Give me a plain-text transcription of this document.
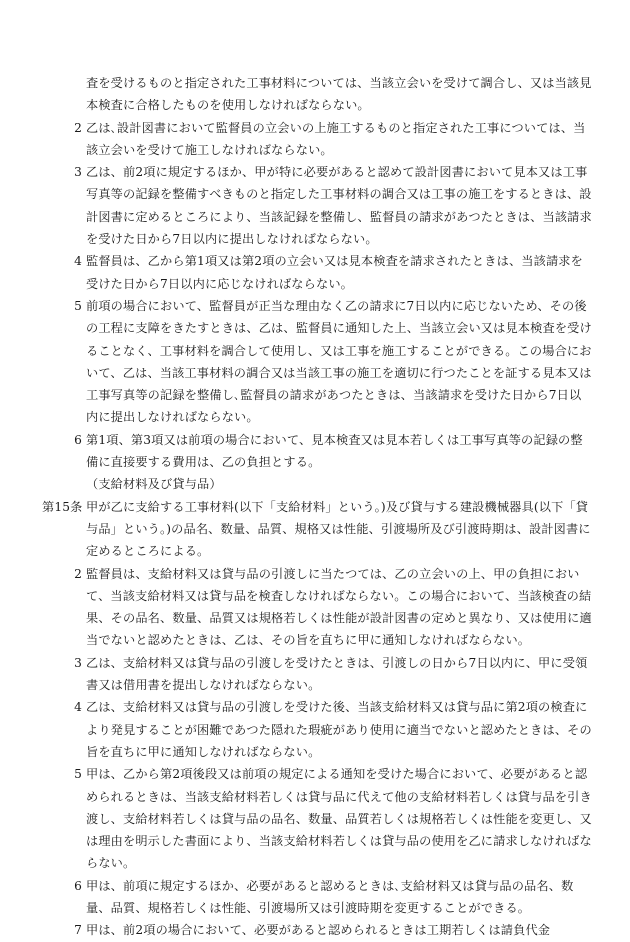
査を受けるものと指定された工事材料については、当該立会いを受けて調合し、又は当該見本検査に合格したものを使用しなければならない。

2 乙は､設計図書において監督員の立会いの上施工するものと指定された工事については、当該立会いを受けて施工しなければならない。

3 乙は、前2項に規定するほか、甲が特に必要があると認めて設計図書において見本又は工事写真等の記録を整備すべきものと指定した工事材料の調合又は工事の施工をするときは、設計図書に定めるところにより、当該記録を整備し、監督員の請求があつたときは、当該請求を受けた日から7日以内に提出しなければならない。

4 監督員は、乙から第1項又は第2項の立会い又は見本検査を請求されたときは、当該請求を受けた日から7日以内に応じなければならない。

5 前項の場合において、監督員が正当な理由なく乙の請求に7日以内に応じないため、その後の工程に支障をきたすときは、乙は、監督員に通知した上、当該立会い又は見本検査を受けることなく、工事材料を調合して使用し、又は工事を施工することができる。この場合において、乙は、当該工事材料の調合又は当該工事の施工を適切に行つたことを証する見本又は工事写真等の記録を整備し､監督員の請求があつたときは、当該請求を受けた日から7日以内に提出しなければならない。

6 第1項、第3項又は前項の場合において、見本検査又は見本若しくは工事写真等の記録の整備に直接要する費用は、乙の負担とする。

（支給材料及び貸与品）

第15条 甲が乙に支給する工事材料(以下「支給材料」という。)及び貸与する建設機械器具(以下「貸与品」という。)の品名、数量、品質、規格又は性能、引渡場所及び引渡時期は、設計図書に定めるところによる。

2 監督員は、支給材料又は貸与品の引渡しに当たつては、乙の立会いの上、甲の負担において、当該支給材料又は貸与品を検査しなければならない。この場合において、当該検査の結果、その品名、数量、品質又は規格若しくは性能が設計図書の定めと異なり、又は使用に適当でないと認めたときは、乙は、その旨を直ちに甲に通知しなければならない。

3 乙は、支給材料又は貸与品の引渡しを受けたときは、引渡しの日から7日以内に、甲に受領書又は借用書を提出しなければならない。

4 乙は、支給材料又は貸与品の引渡しを受けた後、当該支給材料又は貸与品に第2項の検査により発見することが困難であつた隠れた瑕疵があり使用に適当でないと認めたときは、その旨を直ちに甲に通知しなければならない。

5 甲は、乙から第2項後段又は前項の規定による通知を受けた場合において、必要があると認められるときは、当該支給材料若しくは貸与品に代えて他の支給材料若しくは貸与品を引き渡し、支給材料若しくは貸与品の品名、数量、品質若しくは規格若しくは性能を変更し、又は理由を明示した書面により、当該支給材料若しくは貸与品の使用を乙に請求しなければならない。

6 甲は、前項に規定するほか、必要があると認めるときは､支給材料又は貸与品の品名、数量、品質、規格若しくは性能、引渡場所又は引渡時期を変更することができる。

7 甲は、前2項の場合において、必要があると認められるときは工期若しくは請負代金
